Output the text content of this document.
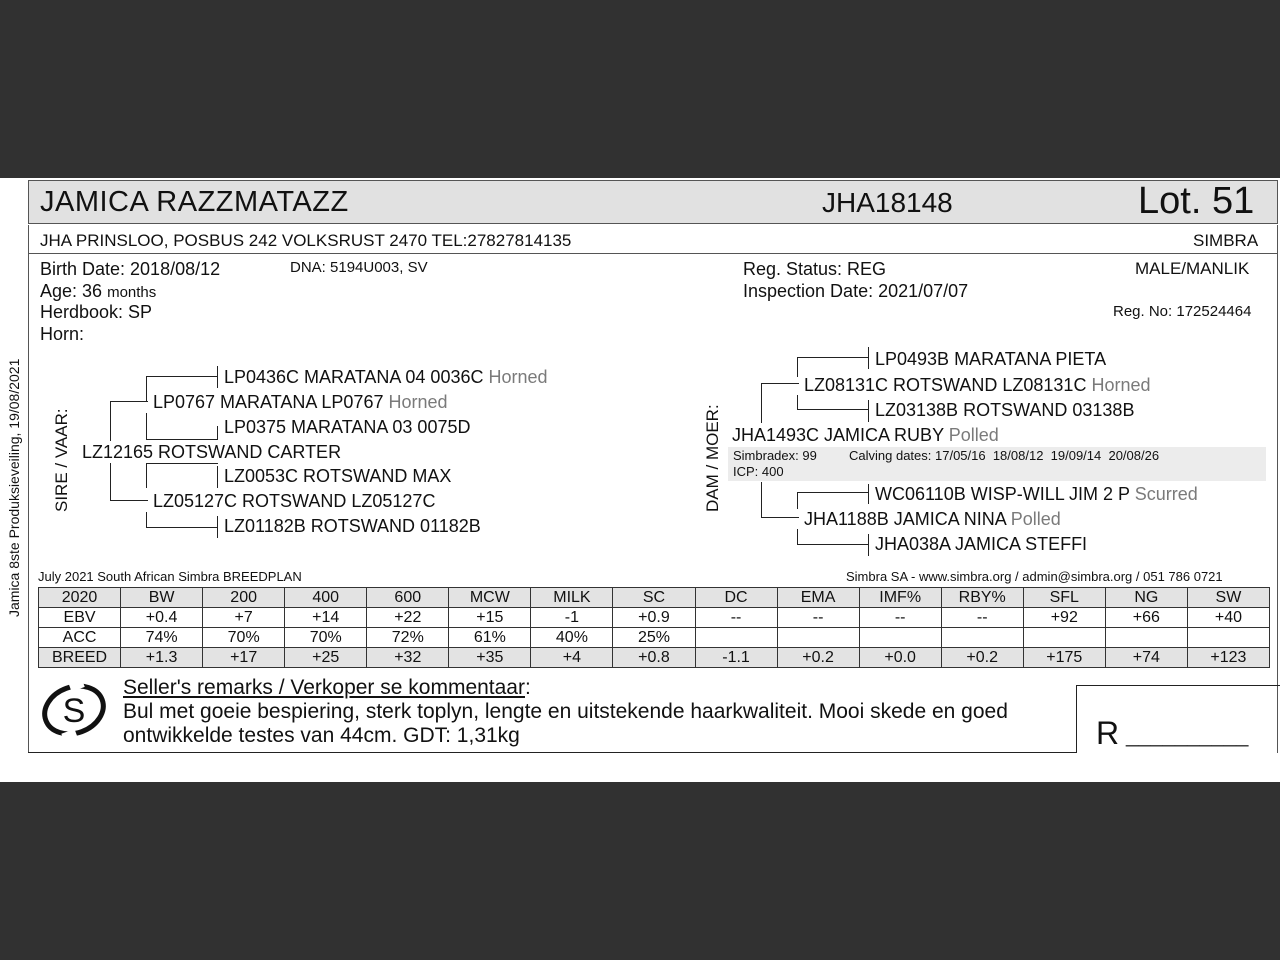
Jamica 8ste Produksieveiling, 19/08/2021
JAMICA RAZZMATAZZ	JHA18148	Lot. 51
JHA PRINSLOO, POSBUS 242 VOLKSRUST 2470 TEL:27827814135	SIMBRA
Birth Date: 2018/08/12	DNA: 5194U003, SV
Age: 36 months
Herdbook: SP
Horn:
Reg. Status: REG
Inspection Date: 2021/07/07
MALE/MANLIK
Reg. No: 172524464
SIRE / VAAR:
LP0436C MARATANA 04 0036C Horned
LP0767 MARATANA LP0767 Horned
LP0375 MARATANA 03 0075D
LZ12165 ROTSWAND CARTER
LZ0053C ROTSWAND MAX
LZ05127C ROTSWAND LZ05127C
LZ01182B ROTSWAND 01182B
DAM / MOER:
LP0493B MARATANA PIETA
LZ08131C ROTSWAND LZ08131C Horned
LZ03138B ROTSWAND 03138B
JHA1493C JAMICA RUBY Polled
Simbradex: 99 Calving dates: 17/05/16  18/08/12  19/09/14  20/08/26
ICP: 400
WC06110B WISP-WILL JIM 2 P Scurred
JHA1188B JAMICA NINA Polled
JHA038A JAMICA STEFFI
July 2021 South African Simbra BREEDPLAN	Simbra SA - www.simbra.org / admin@simbra.org / 051 786 0721
2020	BW	200	400	600	MCW	MILK	SC	DC	EMA	IMF%	RBY%	SFL	NG	SW
EBV	+0.4	+7	+14	+22	+15	-1	+0.9	--	--	--	--	+92	+66	+40
ACC	74%	70%	70%	72%	61%	40%	25%							
BREED	+1.3	+17	+25	+32	+35	+4	+0.8	-1.1	+0.2	+0.0	+0.2	+175	+74	+123
S
Seller's remarks / Verkoper se kommentaar:
Bul met goeie bespiering, sterk toplyn, lengte en uitstekende haarkwaliteit. Mooi skede en goed
ontwikkelde testes van 44cm. GDT: 1,31kg	R __________
